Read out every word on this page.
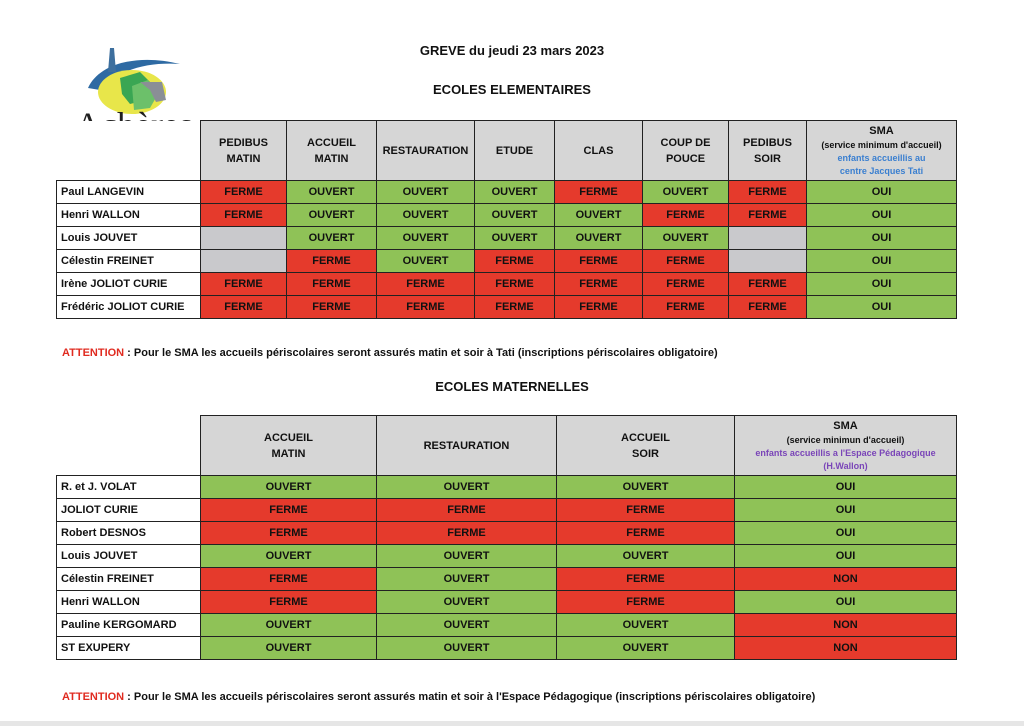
GREVE du jeudi 23 mars 2023
ECOLES ELEMENTAIRES
	PEDIBUS MATIN	ACCUEIL MATIN	RESTAURATION	ETUDE	CLAS	COUP DE POUCE	PEDIBUS SOIR	SMA
(service minimum d'accueil)
enfants accueillis au centre Jacques Tati

Paul LANGEVIN	FERME	OUVERT	OUVERT	OUVERT	FERME	OUVERT	FERME	OUI
Henri WALLON	FERME	OUVERT	OUVERT	OUVERT	OUVERT	FERME	FERME	OUI
Louis JOUVET		OUVERT	OUVERT	OUVERT	OUVERT	OUVERT		OUI
Célestin FREINET		FERME	OUVERT	FERME	FERME	FERME		OUI
Irène JOLIOT CURIE	FERME	FERME	FERME	FERME	FERME	FERME	FERME	OUI
Frédéric JOLIOT CURIE	FERME	FERME	FERME	FERME	FERME	FERME	FERME	OUI
ATTENTION : Pour le SMA les accueils périscolaires seront assurés matin et soir à Tati (inscriptions périscolaires obligatoire)
ECOLES MATERNELLES
	ACCUEIL MATIN	RESTAURATION	ACCUEIL SOIR	SMA
(service minimun d'accueil)
enfants accueillis a l'Espace Pédagogique (H.Wallon)

R. et J. VOLAT	OUVERT	OUVERT	OUVERT	OUI
JOLIOT CURIE	FERME	FERME	FERME	OUI
Robert DESNOS	FERME	FERME	FERME	OUI
Louis JOUVET	OUVERT	OUVERT	OUVERT	OUI
Célestin FREINET	FERME	OUVERT	FERME	NON
Henri WALLON	FERME	OUVERT	FERME	OUI
Pauline KERGOMARD	OUVERT	OUVERT	OUVERT	NON
ST EXUPERY	OUVERT	OUVERT	OUVERT	NON
ATTENTION : Pour le SMA les accueils périscolaires seront assurés matin et soir à l'Espace Pédagogique (inscriptions périscolaires obligatoire)
